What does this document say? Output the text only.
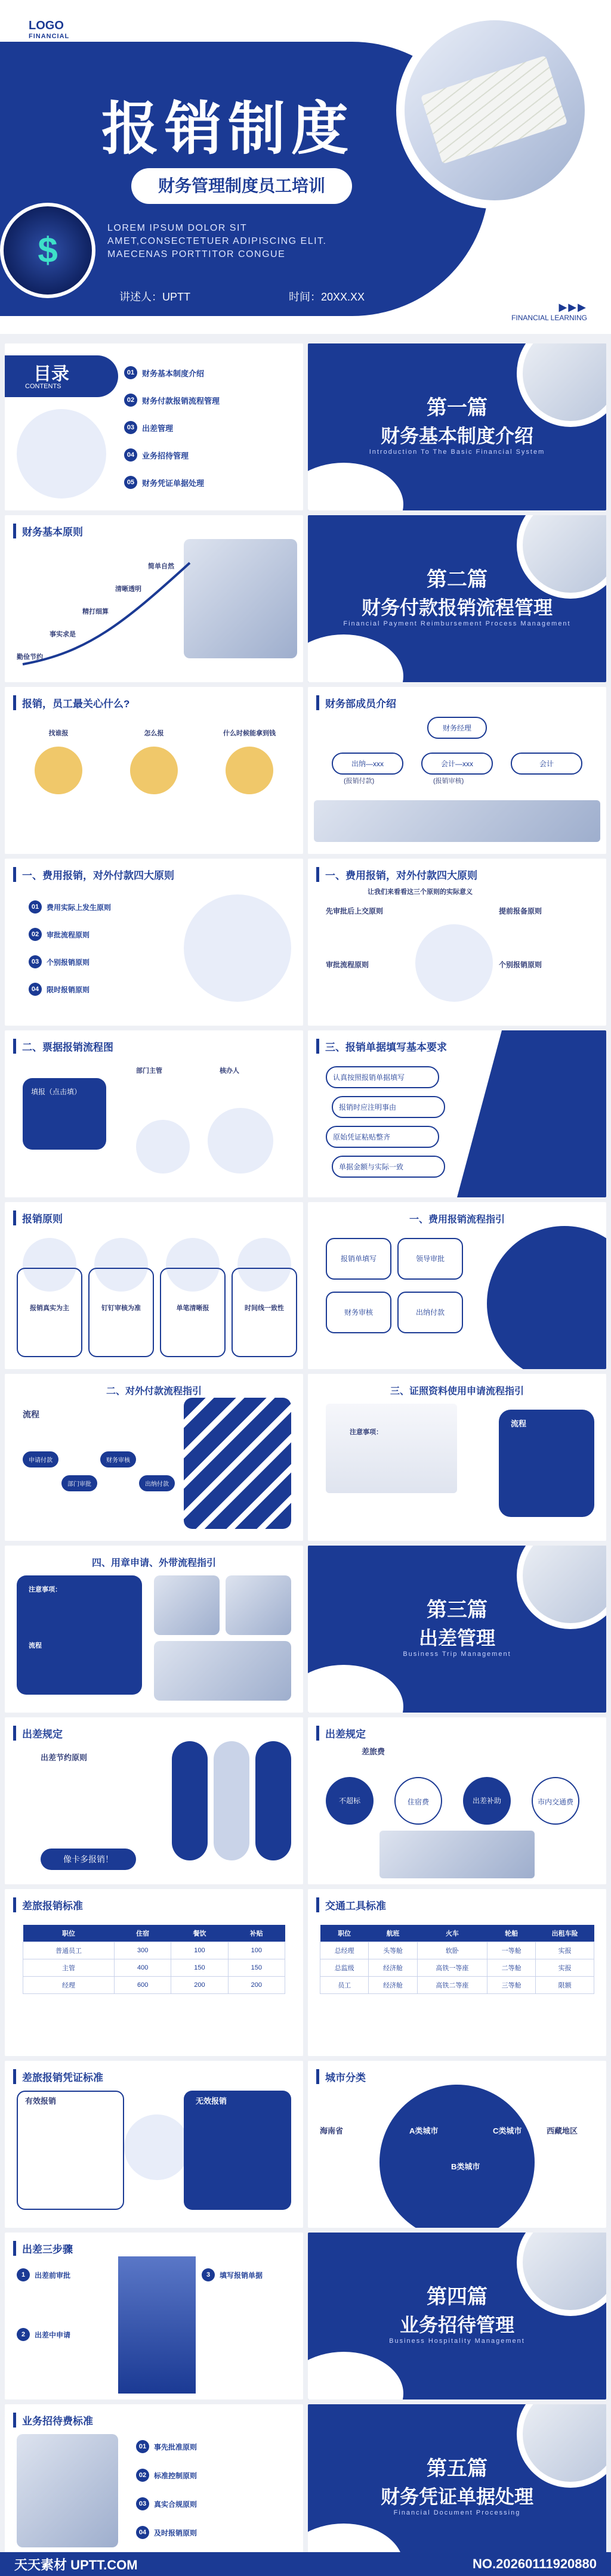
LOGO
FINANCIAL
报销制度
财务管理制度员工培训
LOREM IPSUM DOLOR SIT AMET,CONSECTETUER ADIPISCING ELIT. MAECENAS PORTTITOR CONGUE
讲述人：UPTT	时间：20XX.XX
$
▶▶▶
FINANCIAL LEARNING
目录
CONTENTS
01 财务基本制度介绍
02 财务付款报销流程管理
03 出差管理
04 业务招待管理
05 财务凭证单据处理
第一篇
财务基本制度介绍
Introduction To The Basic Financial System
财务基本原则
勤俭节约
事实求是
精打细算
清晰透明
简单自然
第二篇
财务付款报销流程管理
Financial Payment Reimbursement Process Management
报销，员工最关心什么?
找谁报	怎么报	什么时候能拿到钱
财务部成员介绍
财务经理
出纳—xxx	会计—xxx	会计
(报销付款)	(报销审核)
一、费用报销，对外付款四大原则
01	费用实际上发生原则
02	审批流程原则
03	个别报销原则
04	限时报销原则
一、费用报销，对外付款四大原则
让我们来看看这三个原则的实际意义
先审批后上交原则	提前报备原则
审批流程原则	个别报销原则
二、票据报销流程图
填报（点击填）
部门主管	核办人
三、报销单据填写基本要求
认真按照报销单据填写
报销时应注明事由
原始凭证粘贴整齐
单据金额与实际一致
报销原则
报销真实为主	钉钉审核为准	单笔清晰报	时间线一致性
一、费用报销流程指引
报销单填写	领导审批
财务审核	出纳付款
二、对外付款流程指引
流程
申请付款
部门审批
财务审核
出纳付款
三、证照资料使用申请流程指引
注意事项：
流程
四、用章申请、外带流程指引
注意事项：
流程
第三篇
出差管理
Business Trip Management
出差规定
出差节约原则
像卡多报销！
出差规定
差旅费
不超标	住宿费	出差补助	市内交通费
差旅报销标准
职位	住宿	餐饮	补贴
普通员工	300	100	100
主管	400	150	150
经理	600	200	200
交通工具标准
职位	航班	火车	轮船	出租车险
总经理	头等舱	软卧	一等舱	实报
总监级	经济舱	高铁一等座	二等舱	实报
员工	经济舱	高铁二等座	三等舱	限额
差旅报销凭证标准
有效报销	无效报销
城市分类
海南省	西藏地区
A类城市
B类城市
C类城市
出差三步骤
1	出差前审批
2	出差中申请
3	填写报销单据
第四篇
业务招待管理
Business Hospitality Management
业务招待费标准
01	事先批准原则
02	标准控制原则
03	真实合规原则
04	及时报销原则
第五篇
财务凭证单据处理
Financial Document Processing
天天素材 UPTT.COM	NO.20260111920880
